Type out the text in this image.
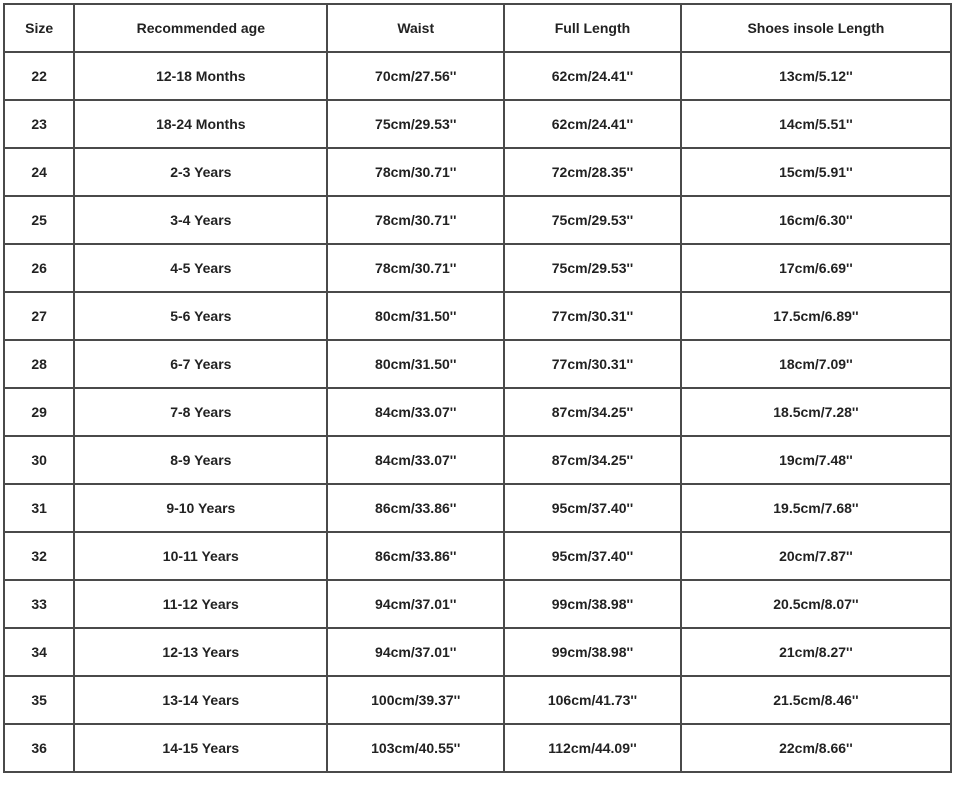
Size	Recommended age	Waist	Full Length	Shoes insole Length
22	12-18 Months	70cm/27.56''	62cm/24.41''	13cm/5.12''
23	18-24 Months	75cm/29.53''	62cm/24.41''	14cm/5.51''
24	2-3 Years	78cm/30.71''	72cm/28.35''	15cm/5.91''
25	3-4 Years	78cm/30.71''	75cm/29.53''	16cm/6.30''
26	4-5 Years	78cm/30.71''	75cm/29.53''	17cm/6.69''
27	5-6 Years	80cm/31.50''	77cm/30.31''	17.5cm/6.89''
28	6-7 Years	80cm/31.50''	77cm/30.31''	18cm/7.09''
29	7-8 Years	84cm/33.07''	87cm/34.25''	18.5cm/7.28''
30	8-9 Years	84cm/33.07''	87cm/34.25''	19cm/7.48''
31	9-10 Years	86cm/33.86''	95cm/37.40''	19.5cm/7.68''
32	10-11 Years	86cm/33.86''	95cm/37.40''	20cm/7.87''
33	11-12 Years	94cm/37.01''	99cm/38.98''	20.5cm/8.07''
34	12-13 Years	94cm/37.01''	99cm/38.98''	21cm/8.27''
35	13-14 Years	100cm/39.37''	106cm/41.73''	21.5cm/8.46''
36	14-15 Years	103cm/40.55''	112cm/44.09''	22cm/8.66''
